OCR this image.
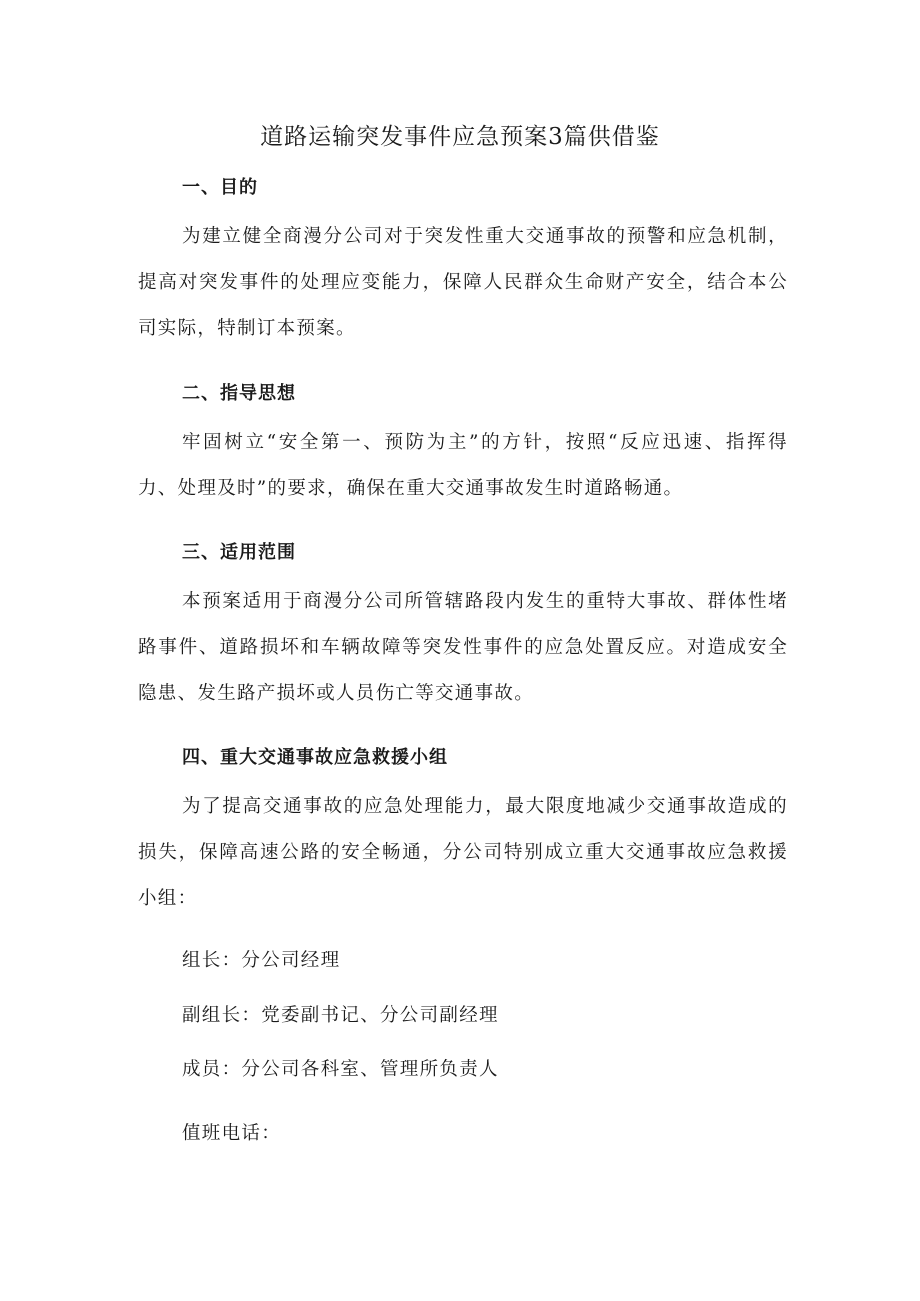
道路运输突发事件应急预案3篇供借鉴
一、目的
为建立健全商漫分公司对于突发性重大交通事故的预警和应急机制，提高对突发事件的处理应变能力，保障人民群众生命财产安全，结合本公司实际，特制订本预案。
二、指导思想
牢固树立“安全第一、预防为主”的方针，按照“反应迅速、指挥得力、处理及时”的要求，确保在重大交通事故发生时道路畅通。
三、适用范围
本预案适用于商漫分公司所管辖路段内发生的重特大事故、群体性堵路事件、道路损坏和车辆故障等突发性事件的应急处置反应。对造成安全隐患、发生路产损坏或人员伤亡等交通事故。
四、重大交通事故应急救援小组
为了提高交通事故的应急处理能力，最大限度地减少交通事故造成的损失，保障高速公路的安全畅通，分公司特别成立重大交通事故应急救援小组：
组长：分公司经理
副组长：党委副书记、分公司副经理
成员：分公司各科室、管理所负责人
值班电话：
